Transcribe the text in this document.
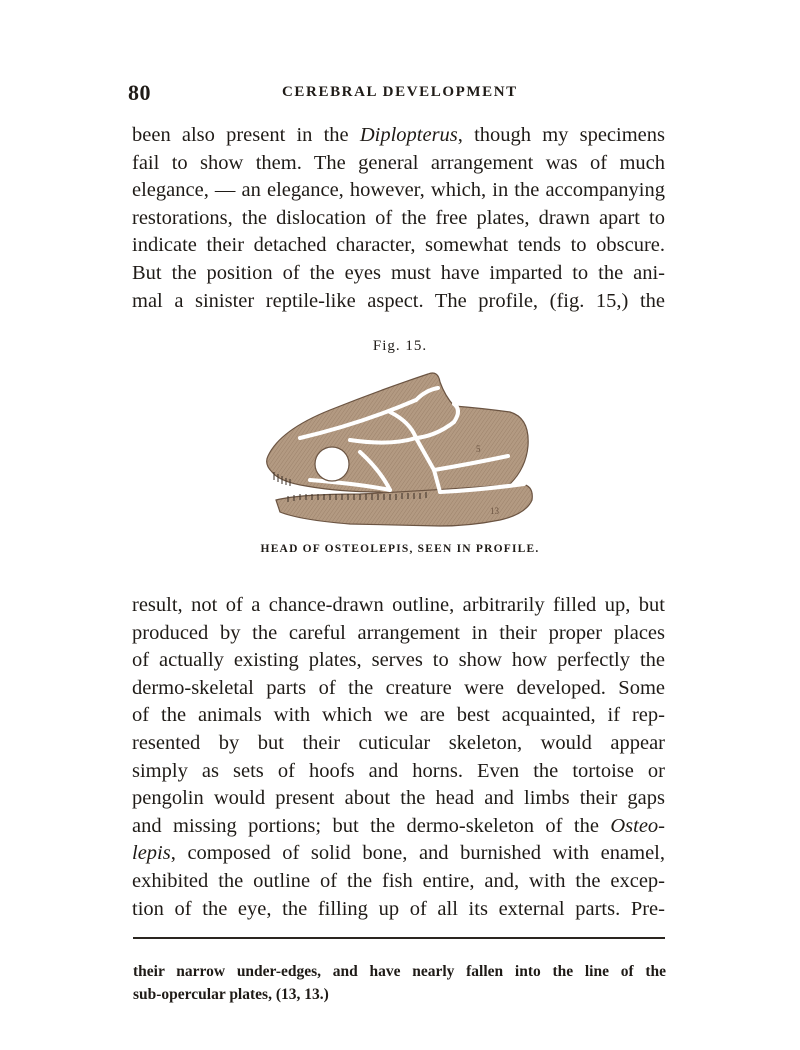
80	CEREBRAL DEVELOPMENT
been also present in the Diplopterus, though my specimens
fail to show them. The general arrangement was of much
elegance, — an elegance, however, which, in the accompanying
restorations, the dislocation of the free plates, drawn apart to
indicate their detached character, somewhat tends to obscure.
But the position of the eyes must have imparted to the ani-
mal a sinister reptile-like aspect. The profile, (fig. 15,) the
Fig. 15.
5
13
HEAD OF OSTEOLEPIS, SEEN IN PROFILE.
result, not of a chance-drawn outline, arbitrarily filled up, but
produced by the careful arrangement in their proper places
of actually existing plates, serves to show how perfectly the
dermo-skeletal parts of the creature were developed. Some
of the animals with which we are best acquainted, if rep-
resented by but their cuticular skeleton, would appear
simply as sets of hoofs and horns. Even the tortoise or
pengolin would present about the head and limbs their gaps
and missing portions; but the dermo-skeleton of the Osteo-
lepis, composed of solid bone, and burnished with enamel,
exhibited the outline of the fish entire, and, with the excep-
tion of the eye, the filling up of all its external parts. Pre-
their narrow under-edges, and have nearly fallen into the line of the
sub-opercular plates, (13, 13.)
